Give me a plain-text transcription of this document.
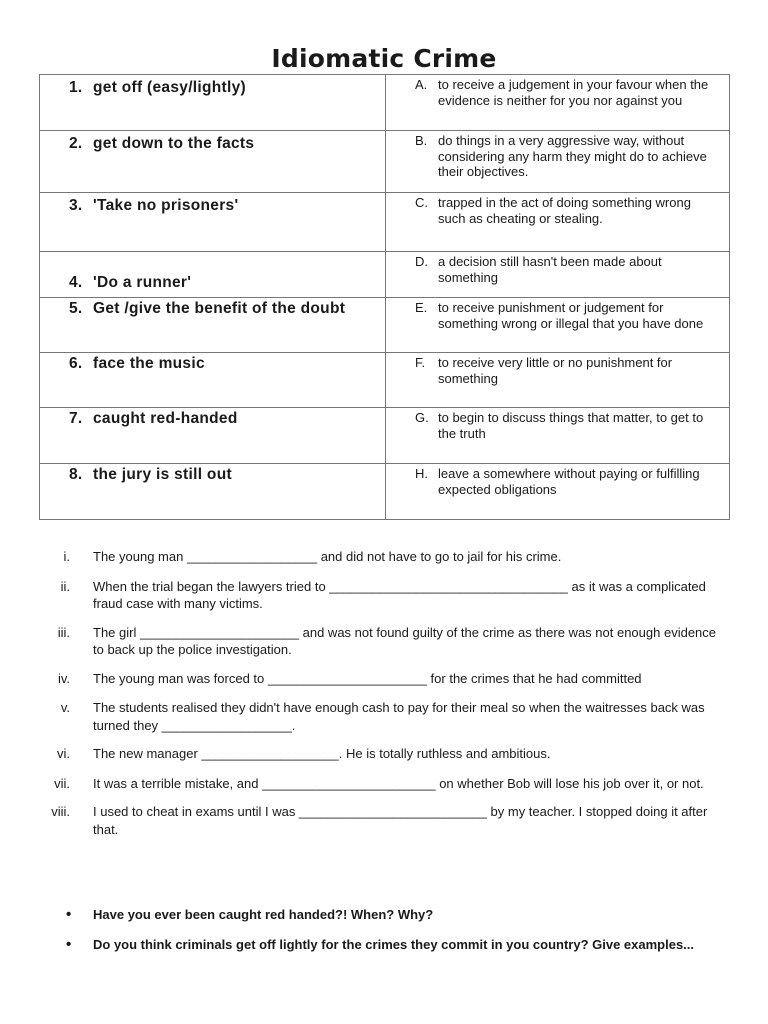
Idiomatic Crime
1. get off (easy/lightly)	A. to receive a judgement in your favour when the evidence is neither for you nor against you

2. get down to the facts	B. do things in a very aggressive way, without considering any harm they might do to achieve their objectives.

3. 'Take no prisoners'	C. trapped in the act of doing something wrong such as cheating or stealing.

4. 'Do a runner'	D. a decision still hasn't been made about something

5. Get /give the benefit of the doubt	E. to receive punishment or judgement for something wrong or illegal that you have done

6. face the music	F. to receive very little or no punishment for something

7. caught red-handed	G. to begin to discuss things that matter, to get to the truth

8. the jury is still out	H. leave a somewhere without paying or fulfilling expected obligations
i. The young man __________________ and did not have to go to jail for his crime.
ii. When the trial began the lawyers tried to _________________________________ as it was a complicated fraud case with many victims.
iii. The girl ______________________ and was not found guilty of the crime as there was not enough evidence to back up the police investigation.
iv. The young man was forced to ______________________ for the crimes that he had committed
v. The students realised they didn't have enough cash to pay for their meal so when the waitresses back was turned they __________________.
vi. The new manager ___________________. He is totally ruthless and ambitious.
vii. It was a terrible mistake, and ________________________ on whether Bob will lose his job over it, or not.
viii. I used to cheat in exams until I was __________________________ by my teacher. I stopped doing it after that.
•	Have you ever been caught red handed?! When? Why?
•	Do you think criminals get off lightly for the crimes they commit in you country? Give examples...
